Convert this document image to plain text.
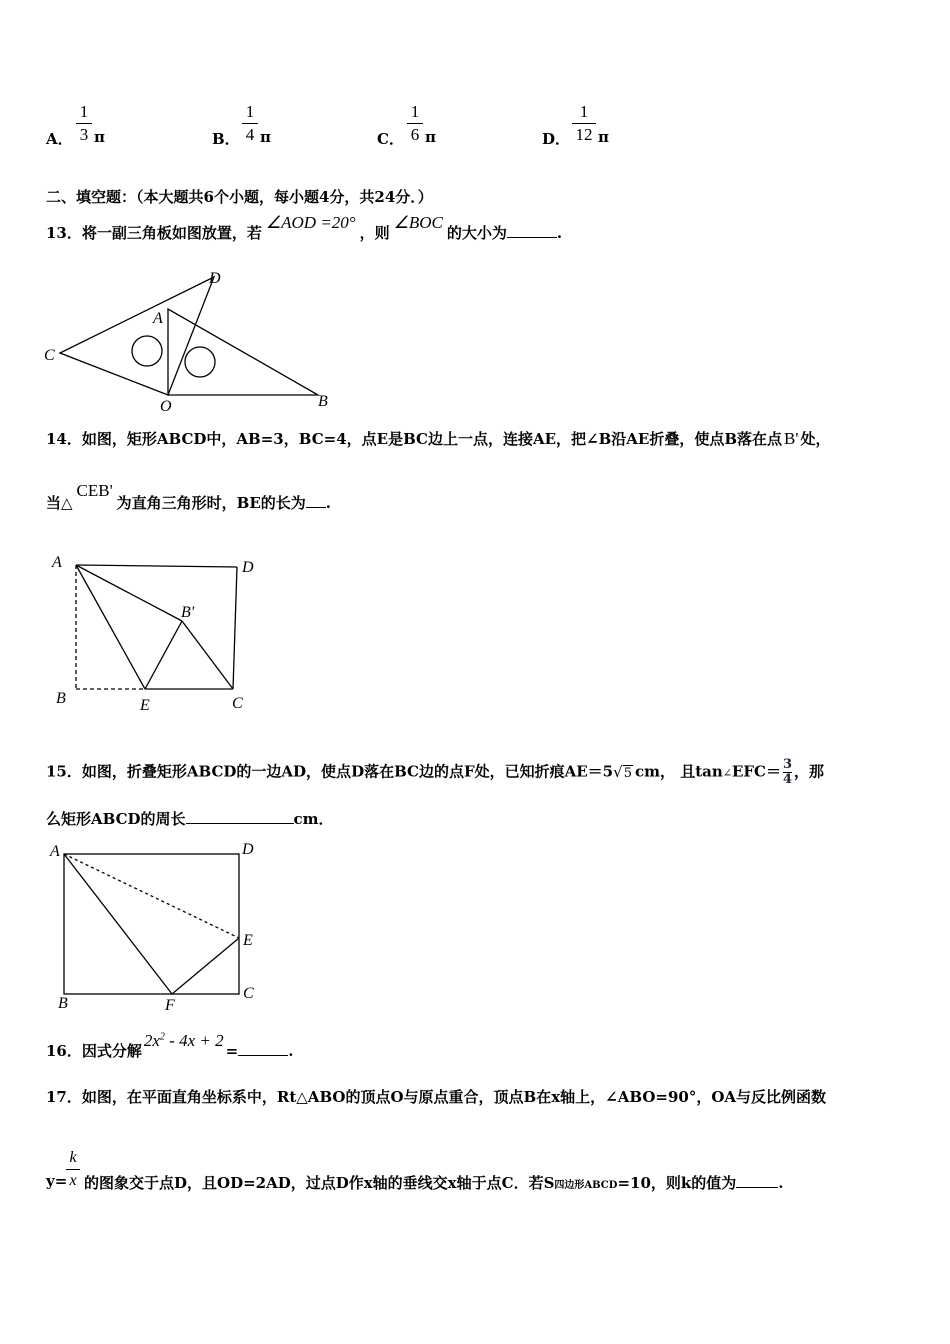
A．
1
3 π	B．
1
4 π	C．
1
6 π	D．
1
12 π
二、填空题：（本大题共6个小题，每小题4分，共24分．）
13．将一副三角板如图放置，若∠AOD =20°，则∠BOC的大小为	.
D
A
C
O	B
14．如图，矩形ABCD中，AB=3，BC=4，点E是BC边上一点，连接AE，把∠B沿AE折叠，使点B落在点 B' 处，
当△CEB'为直角三角形时，BE的长为 .
A	D
B'
B	E	C
15．如图，折叠矩形ABCD的一边AD，使点D落在BC边的点F处，已知折痕AE＝5√5 cm， 且tan∠EFC＝ $\frac{3}{4}$ ，那
么矩形ABCD的周长	cm．
A	D
E
B	F
C
16．因式分解$2x^2 - 4x + 2=$	.
17．如图，在平面直角坐标系中，Rt△ABO的顶点O与原点重合，顶点B在x轴上，∠ABO=90°，OA与反比例函数
k
x
y= 的图象交于点D，且OD=2AD，过点D作x轴的垂线交x轴于点C．若S四边形ABCD=10，则k的值为	.
